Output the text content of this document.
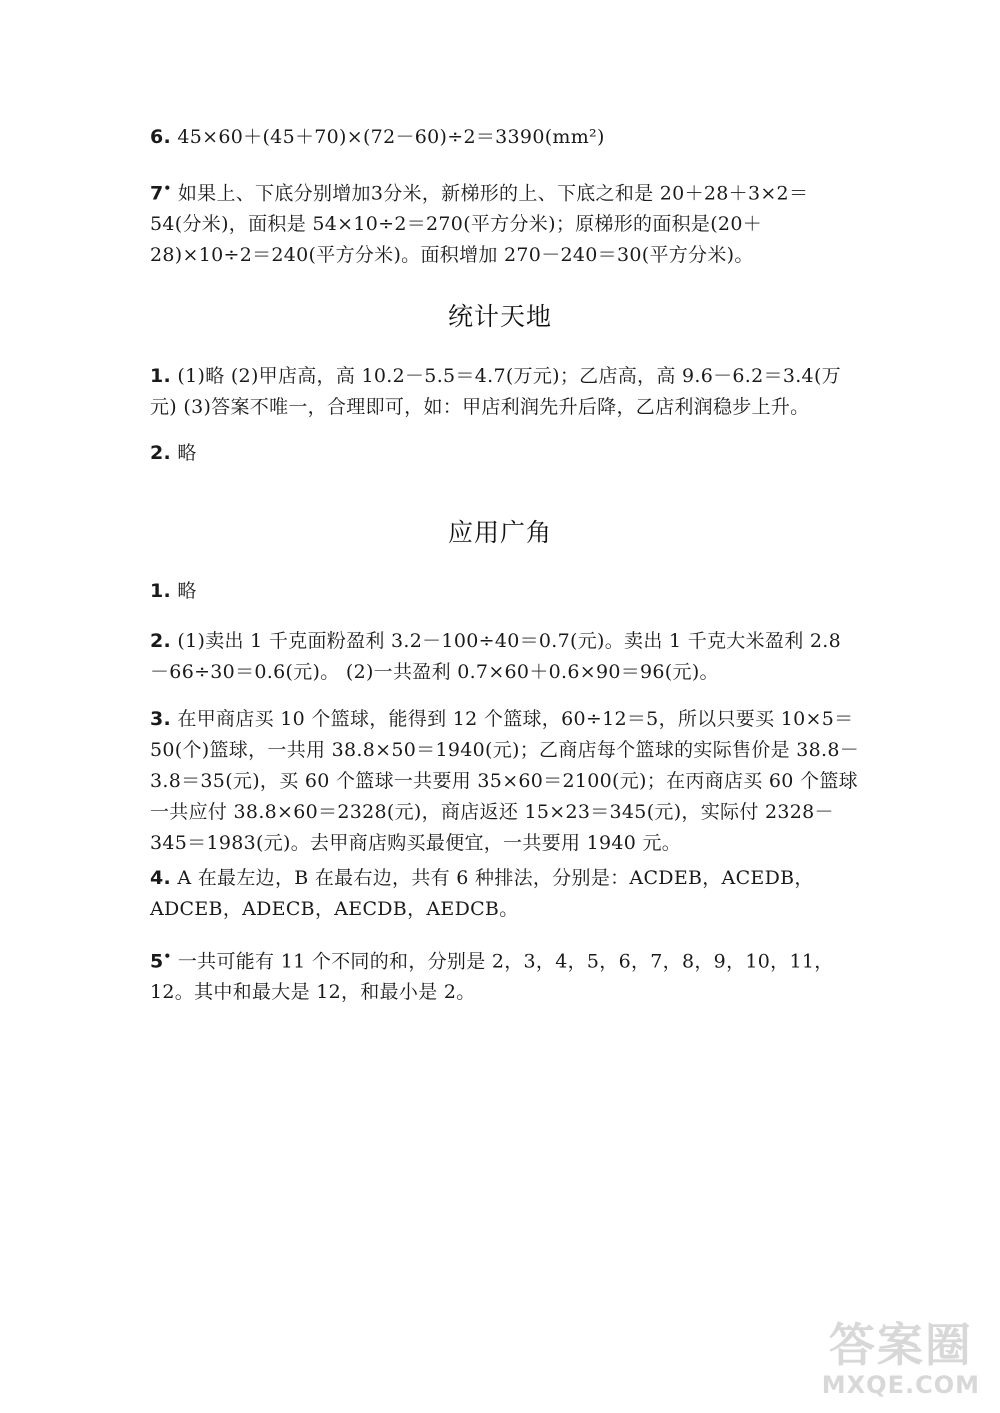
6. 45×60＋(45＋70)×(72－60)÷2＝3390(mm²)
7• 如果上、下底分别增加3分米，新梯形的上、下底之和是 20＋28＋3×2＝54(分米)，面积是 54×10÷2＝270(平方分米)；原梯形的面积是(20＋28)×10÷2＝240(平方分米)。面积增加 270－240＝30(平方分米)。
统计天地
1. (1)略 (2)甲店高，高 10.2－5.5＝4.7(万元)；乙店高，高 9.6－6.2＝3.4(万元) (3)答案不唯一，合理即可，如：甲店利润先升后降，乙店利润稳步上升。
2. 略
应用广角
1. 略
2. (1)卖出 1 千克面粉盈利 3.2－100÷40＝0.7(元)。卖出 1 千克大米盈利 2.8－66÷30＝0.6(元)。 (2)一共盈利 0.7×60＋0.6×90＝96(元)。
3. 在甲商店买 10 个篮球，能得到 12 个篮球，60÷12＝5，所以只要买 10×5＝50(个)篮球，一共用 38.8×50＝1940(元)；乙商店每个篮球的实际售价是 38.8－3.8＝35(元)，买 60 个篮球一共要用 35×60＝2100(元)；在丙商店买 60 个篮球一共应付 38.8×60＝2328(元)，商店返还 15×23＝345(元)，实际付 2328－345＝1983(元)。去甲商店购买最便宜，一共要用 1940 元。
4. A 在最左边，B 在最右边，共有 6 种排法，分别是：ACDEB，ACEDB，ADCEB，ADECB，AECDB，AEDCB。
5• 一共可能有 11 个不同的和，分别是 2，3，4，5，6，7，8，9，10，11，12。其中和最大是 12，和最小是 2。
答案圈
MXQE.COM
